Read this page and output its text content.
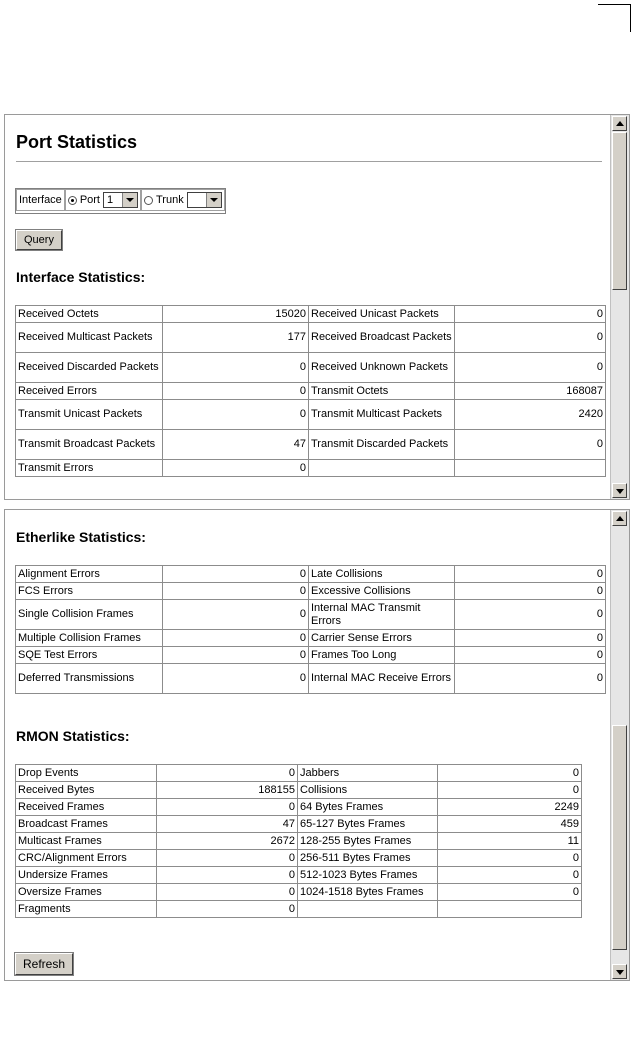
Port Statistics
Interface Port 1	Trunk
Query
Interface Statistics:
Received Octets	15020	Received Unicast Packets	0
Received Multicast Packets	177	Received Broadcast Packets	0
Received Discarded Packets	0	Received Unknown Packets	0
Received Errors	0	Transmit Octets	168087
Transmit Unicast Packets	0	Transmit Multicast Packets	2420
Transmit Broadcast Packets	47	Transmit Discarded Packets	0
Transmit Errors	0		
Etherlike Statistics:
Alignment Errors	0	Late Collisions	0
FCS Errors	0	Excessive Collisions	0
Single Collision Frames	0	Internal MAC Transmit Errors	0
Multiple Collision Frames	0	Carrier Sense Errors	0
SQE Test Errors	0	Frames Too Long	0
Deferred Transmissions	0	Internal MAC Receive Errors	0
RMON Statistics:
Drop Events	0	Jabbers	0
Received Bytes	188155	Collisions	0
Received Frames	0	64 Bytes Frames	2249
Broadcast Frames	47	65-127 Bytes Frames	459
Multicast Frames	2672	128-255 Bytes Frames	11
CRC/Alignment Errors	0	256-511 Bytes Frames	0
Undersize Frames	0	512-1023 Bytes Frames	0
Oversize Frames	0	1024-1518 Bytes Frames	0
Fragments	0		
Refresh
